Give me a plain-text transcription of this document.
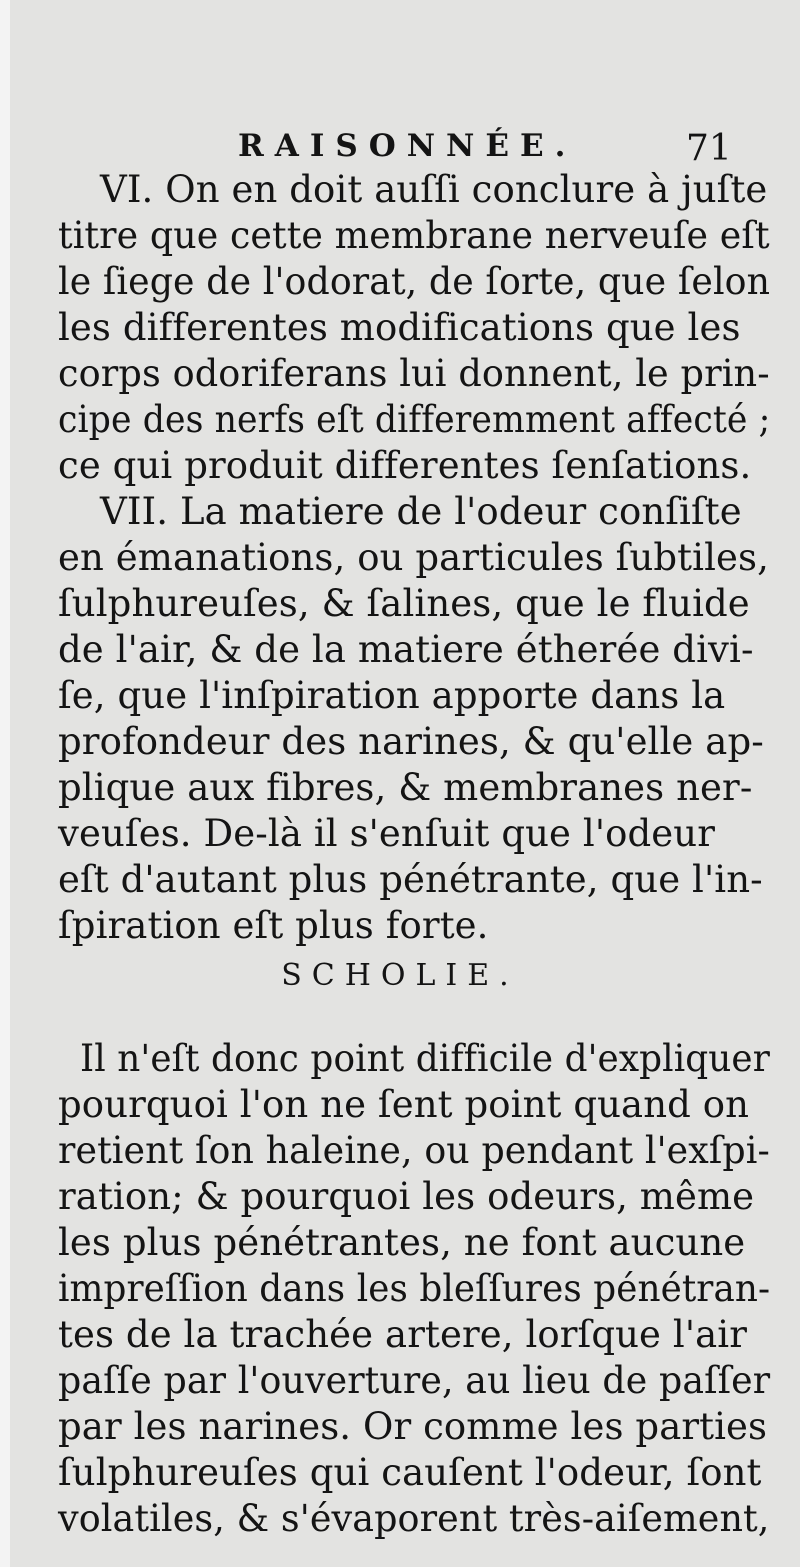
RAISONNÉE.	71
VI. On en doit auſſi conclure à juſte
titre que cette membrane nerveuſe eſt
le ſiege de l'odorat, de ſorte, que ſelon
les differentes modifications que les
corps odoriferans lui donnent, le prin-
cipe des nerfs eſt differemment affecté ;
ce qui produit differentes ſenſations.
VII. La matiere de l'odeur conſiſte
en émanations, ou particules ſubtiles,
ſulphureuſes, & ſalines, que le fluide
de l'air, & de la matiere étherée divi-
ſe, que l'inſpiration apporte dans la
profondeur des narines, & qu'elle ap-
plique aux fibres, & membranes ner-
veuſes. De-là il s'enſuit que l'odeur
eſt d'autant plus pénétrante, que l'in-
ſpiration eſt plus forte.
SCHOLIE.
Il n'eſt donc point difficile d'expliquer
pourquoi l'on ne ſent point quand on
retient ſon haleine, ou pendant l'exſpi-
ration; & pourquoi les odeurs, même
les plus pénétrantes, ne font aucune
impreſſion dans les bleſſures pénétran-
tes de la trachée artere, lorſque l'air
paſſe par l'ouverture, au lieu de paſſer
par les narines. Or comme les parties
ſulphureuſes qui cauſent l'odeur, ſont
volatiles, & s'évaporent très-aiſement,
